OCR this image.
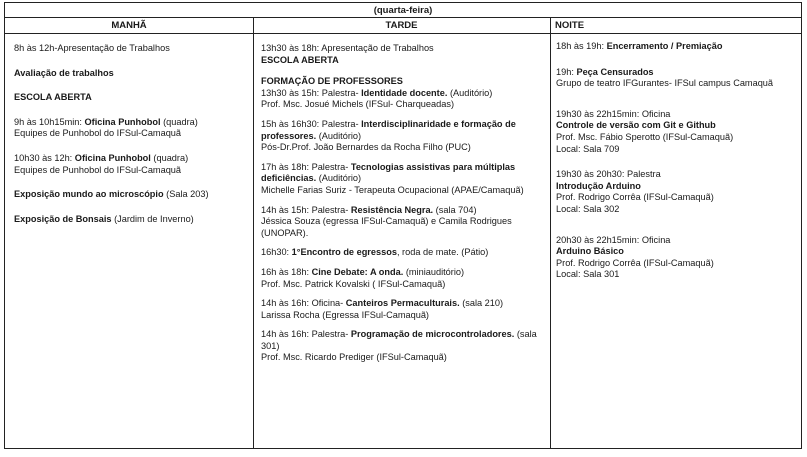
(quarta-feira)
MANHÃ	TARDE	NOITE
8h às 12h-Apresentação de Trabalhos
Avaliação de trabalhos
ESCOLA ABERTA
9h às 10h15min: Oficina Punhobol (quadra)
Equipes de Punhobol do IFSul-Camaquã
10h30 às 12h: Oficina Punhobol (quadra)
Equipes de Punhobol do IFSul-Camaquã
Exposição mundo ao microscópio (Sala 203)
Exposição de Bonsais (Jardim de Inverno)
13h30 às 18h: Apresentação de Trabalhos
ESCOLA ABERTA
FORMAÇÃO DE PROFESSORES
13h30 às 15h: Palestra- Identidade docente. (Auditório)
Prof. Msc. Josué Michels (IFSul- Charqueadas)
15h às 16h30: Palestra- Interdisciplinaridade e formação de professores. (Auditório)
Pós-Dr.Prof. João Bernardes da Rocha Filho (PUC)
17h às 18h: Palestra- Tecnologias assistivas para múltiplas deficiências. (Auditório)
Michelle Farias Suriz - Terapeuta Ocupacional (APAE/Camaquã)
14h às 15h: Palestra- Resistência Negra. (sala 704)
Jéssica Souza (egressa IFSul-Camaquã) e Camila Rodrigues (UNOPAR).
16h30: 1°Encontro de egressos, roda de mate. (Pátio)
16h às 18h: Cine Debate: A onda. (miniauditório)
Prof. Msc. Patrick Kovalski ( IFSul-Camaquã)
14h às 16h: Oficina- Canteiros Permaculturais. (sala 210)
Larissa Rocha (Egressa IFSul-Camaquã)
14h às 16h: Palestra- Programação de microcontroladores. (sala 301)
Prof. Msc. Ricardo Prediger (IFSul-Camaquã)
18h às 19h: Encerramento / Premiação
19h: Peça Censurados
Grupo de teatro IFGurantes- IFSul campus Camaquã
19h30 às 22h15min: Oficina
Controle de versão com Git e Github
Prof. Msc. Fábio Sperotto (IFSul-Camaquã)
Local: Sala 709
19h30 às 20h30: Palestra
Introdução Arduino
Prof. Rodrigo Corrêa (IFSul-Camaquã)
Local: Sala 302
20h30 às 22h15min: Oficina
Arduino Básico
Prof. Rodrigo Corrêa (IFSul-Camaquã)
Local: Sala 301
